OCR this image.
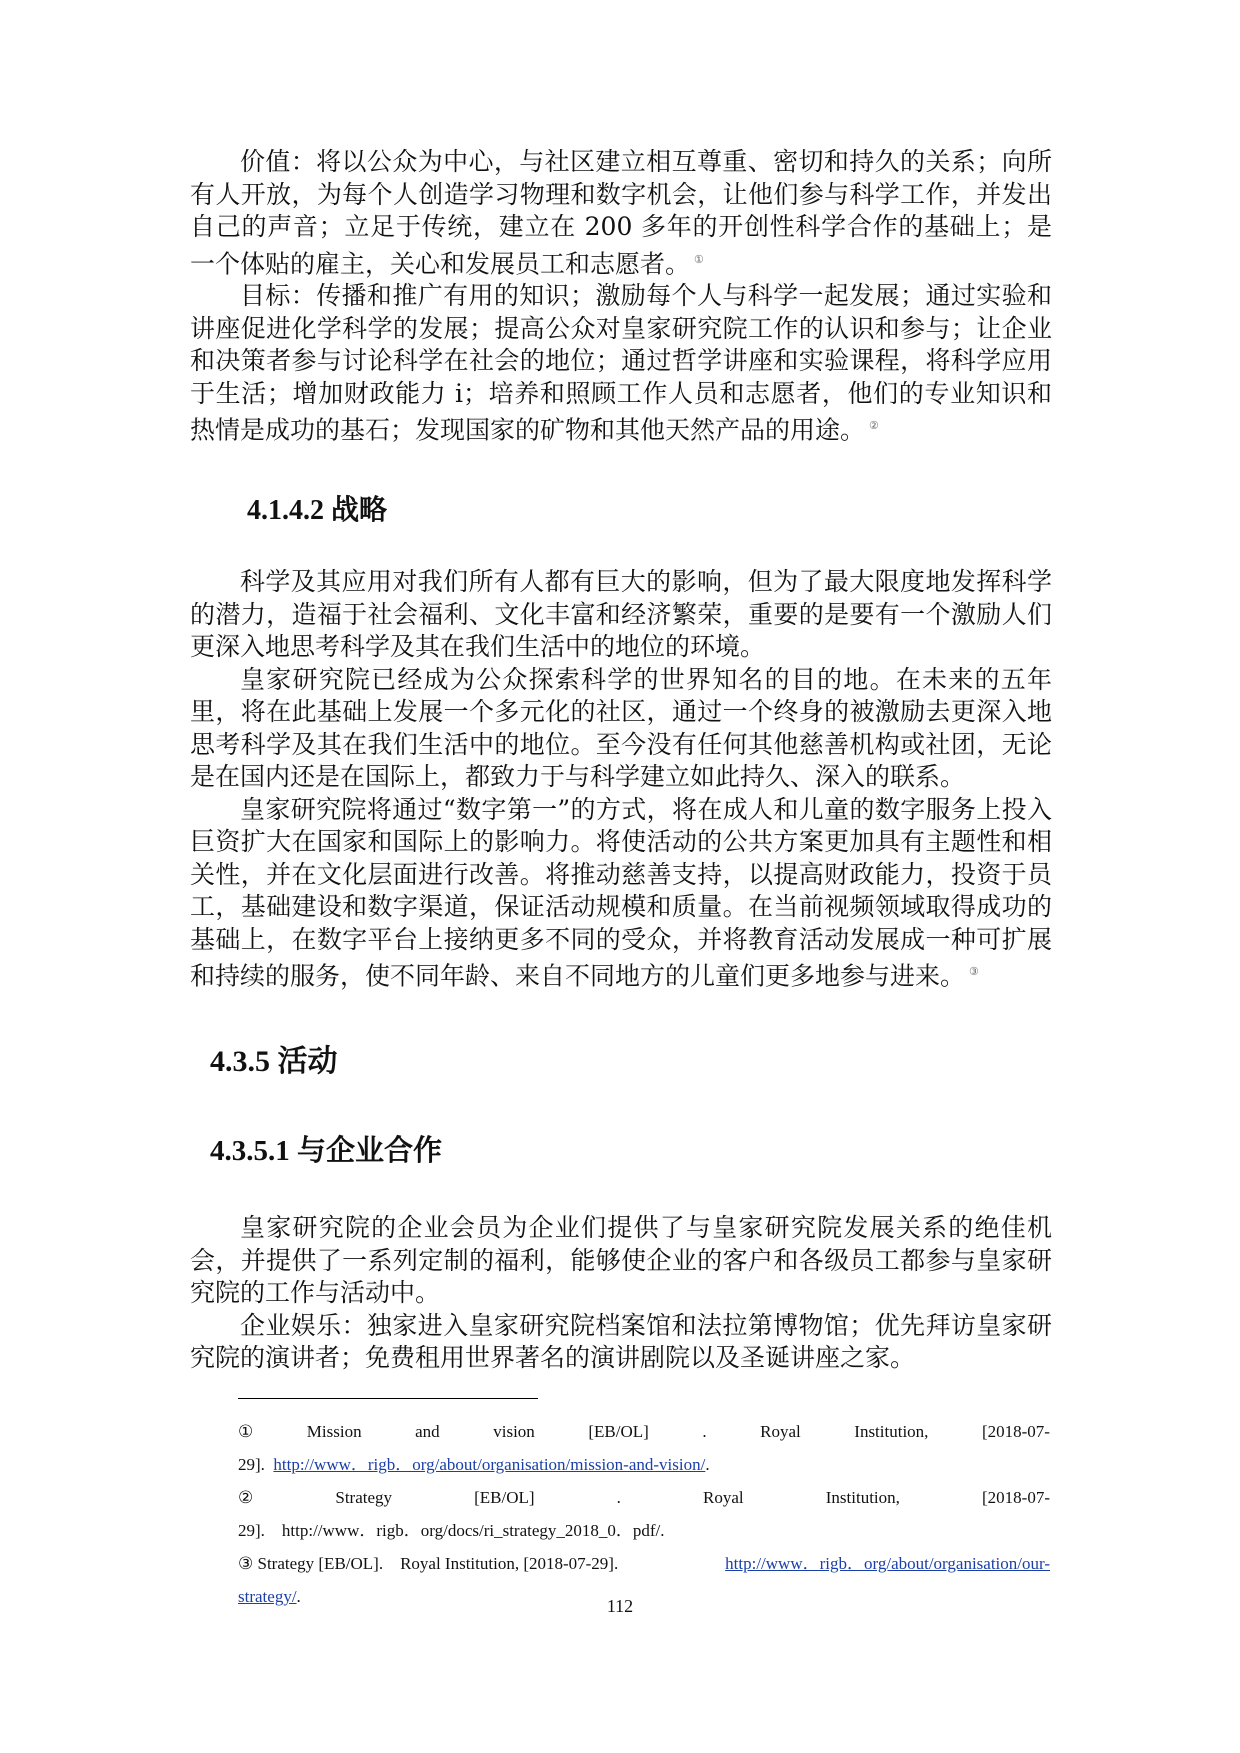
价值：将以公众为中心，与社区建立相互尊重、密切和持久的关系；向所有人开放，为每个人创造学习物理和数字机会，让他们参与科学工作，并发出自己的声音；立足于传统，建立在 200 多年的开创性科学合作的基础上；是一个体贴的雇主，关心和发展员工和志愿者。 ①

目标：传播和推广有用的知识；激励每个人与科学一起发展；通过实验和讲座促进化学科学的发展；提高公众对皇家研究院工作的认识和参与；让企业和决策者参与讨论科学在社会的地位；通过哲学讲座和实验课程，将科学应用于生活；增加财政能力 i；培养和照顾工作人员和志愿者，他们的专业知识和热情是成功的基石；发现国家的矿物和其他天然产品的用途。 ②

4.1.4.2 战略

科学及其应用对我们所有人都有巨大的影响，但为了最大限度地发挥科学的潜力，造福于社会福利、文化丰富和经济繁荣，重要的是要有一个激励人们更深入地思考科学及其在我们生活中的地位的环境。

皇家研究院已经成为公众探索科学的世界知名的目的地。在未来的五年里，将在此基础上发展一个多元化的社区，通过一个终身的被激励去更深入地思考科学及其在我们生活中的地位。至今没有任何其他慈善机构或社团，无论是在国内还是在国际上，都致力于与科学建立如此持久、深入的联系。

皇家研究院将通过“数字第一”的方式，将在成人和儿童的数字服务上投入巨资扩大在国家和国际上的影响力。将使活动的公共方案更加具有主题性和相关性，并在文化层面进行改善。将推动慈善支持，以提高财政能力，投资于员工，基础建设和数字渠道，保证活动规模和质量。在当前视频领域取得成功的基础上，在数字平台上接纳更多不同的受众，并将教育活动发展成一种可扩展和持续的服务，使不同年龄、来自不同地方的儿童们更多地参与进来。 ③

4.3.5 活动
4.3.5.1 与企业合作

皇家研究院的企业会员为企业们提供了与皇家研究院发展关系的绝佳机会，并提供了一系列定制的福利，能够使企业的客户和各级员工都参与皇家研究院的工作与活动中。

企业娱乐：独家进入皇家研究院档案馆和法拉第博物馆；优先拜访皇家研究院的演讲者；免费租用世界著名的演讲剧院以及圣诞讲座之家。

①	Mission	and	vision	[EB/OL]	.	Royal	Institution,	[2018-07-
29]. http://www．rigb．org/about/organisation/mission-and-vision/.
②	Strategy	[EB/OL]	.	Royal	Institution,	[2018-07-
29].    http://www．rigb．org/docs/ri_strategy_2018_0．pdf/.
③ Strategy [EB/OL].    Royal Institution, [2018-07-29].	http://www．rigb．org/about/organisation/our-
strategy/.	112
